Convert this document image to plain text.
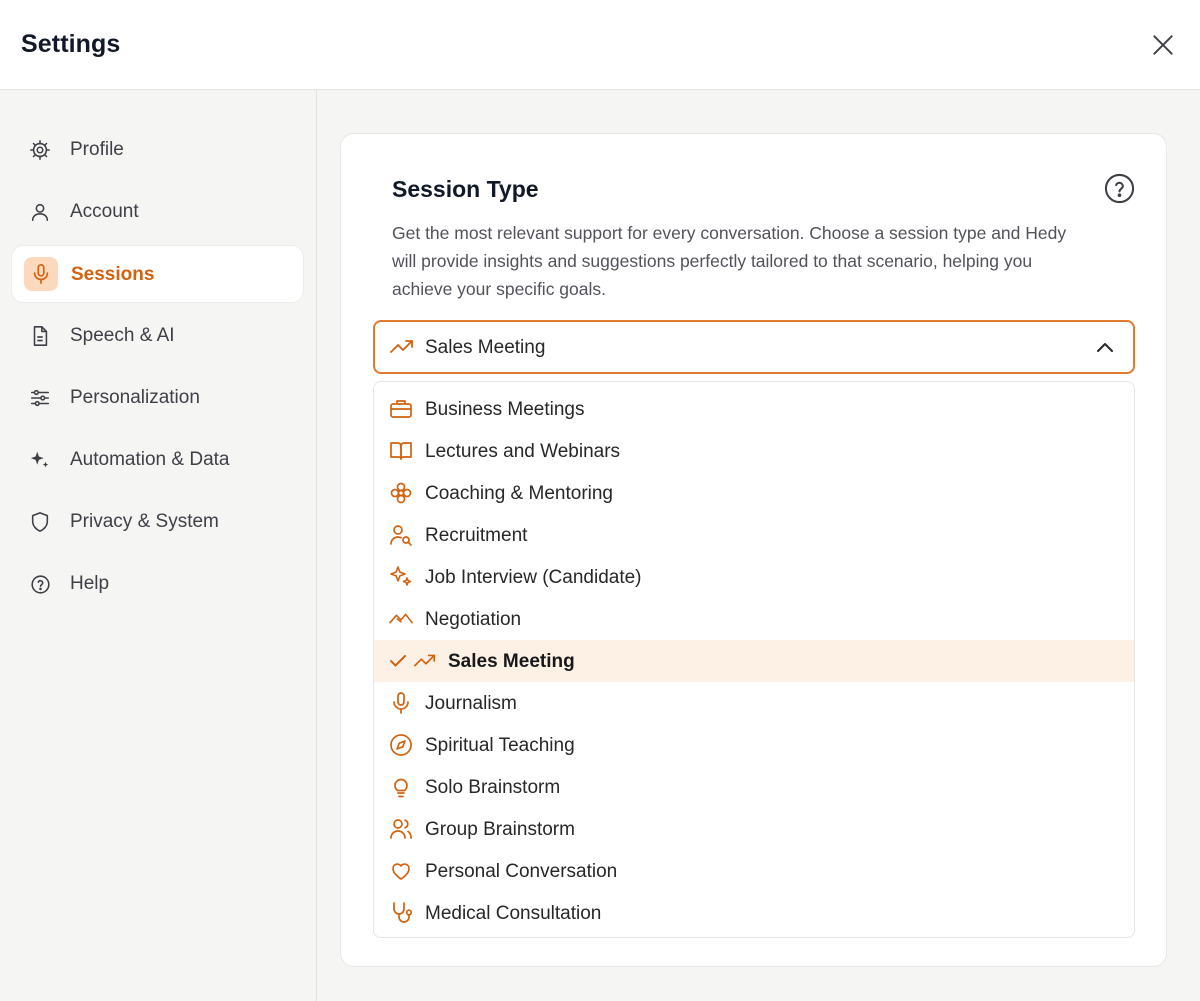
Settings
Profile
Account
Sessions
Speech & AI
Personalization
Automation & Data
Privacy & System
Help
Session Type
Get the most relevant support for every conversation. Choose a session type and Hedy will provide insights and suggestions perfectly tailored to that scenario, helping you achieve your specific goals.
Sales Meeting
Business Meetings
Lectures and Webinars
Coaching & Mentoring
Recruitment
Job Interview (Candidate)
Negotiation
Sales Meeting
Journalism
Spiritual Teaching
Solo Brainstorm
Group Brainstorm
Personal Conversation
Medical Consultation
